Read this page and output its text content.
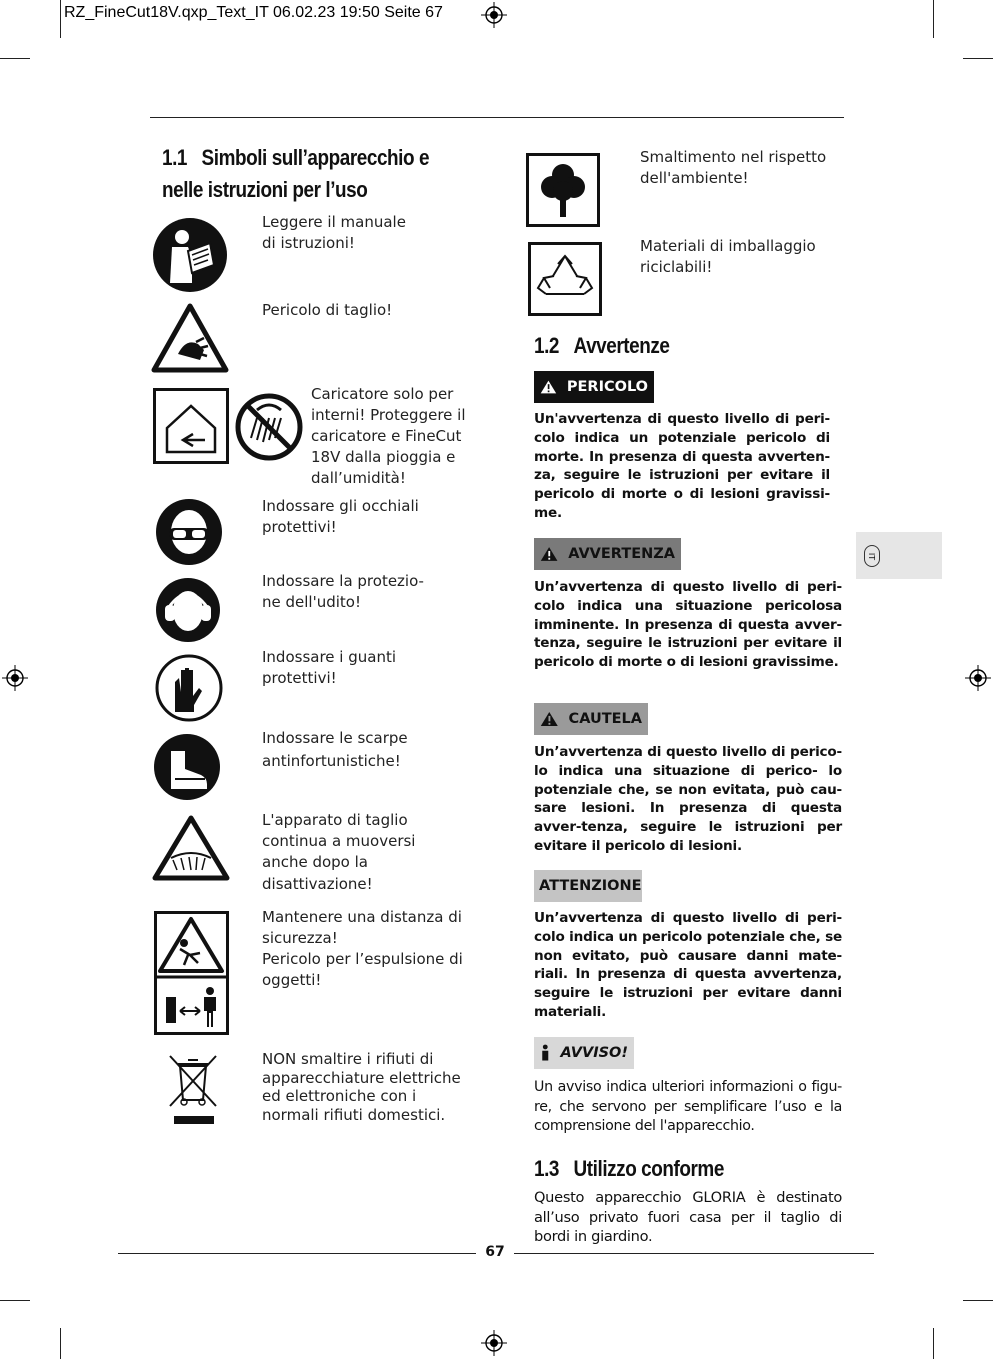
RZ_FineCut18V.qxp_Text_IT 06.02.23 19:50 Seite 67
1.1 Simboli sull’apparecchio e
nelle istruzioni per l’uso
Leggere il manuale
di istruzioni!
Pericolo di taglio!
Caricatore solo per
interni! Proteggere il
caricatore e FineCut
18V dalla pioggia e
dall’umidità!
Indossare gli occhiali
protettivi!
Indossare la protezio-
ne dell'udito!
Indossare i guanti
protettivi!
Indossare le scarpe
antinfortunistiche!
L'apparato di taglio
continua a muoversi
anche dopo la
disattivazione!
Mantenere una distanza di
sicurezza!
Pericolo per l’espulsione di
oggetti!
NON smaltire i rifiuti di
apparecchiature elettriche
ed elettroniche con i
normali rifiuti domestici.
Smaltimento nel rispetto
dell'ambiente!
Materiali di imballaggio
riciclabili!
1.2 Avvertenze
PERICOLO
Un'avvertenza di questo livello di peri-colo indica un potenziale pericolo di morte. In presenza di questa avverten-za, seguire le istruzioni per evitare il pericolo di morte o di lesioni gravissi-me.
AVVERTENZA
Un’avvertenza di questo livello di peri-colo indica una situazione pericolosa imminente. In presenza di questa avver-tenza, seguire le istruzioni per evitare il pericolo di morte o di lesioni gravissime.
CAUTELA
Un’avvertenza di questo livello di perico-lo indica una situazione di perico- lo potenziale che, se non evitata, può cau-sare lesioni. In presenza di questa avver-tenza, seguire le istruzioni per evitare il pericolo di lesioni.
ATTENZIONE
Un’avvertenza di questo livello di peri-colo indica un pericolo potenziale che, se non evitato, può causare danni mate-riali. In presenza di questa avvertenza, seguire le istruzioni per evitare danni materiali.
AVVISO!
Un avviso indica ulteriori informazioni o figu-re, che servono per semplificare l’uso e la comprensione del l'apparecchio.
1.3 Utilizzo conforme
Questo apparecchio GLORIA è destinato all’uso privato fuori casa per il taglio di bordi in giardino.
IT
67
